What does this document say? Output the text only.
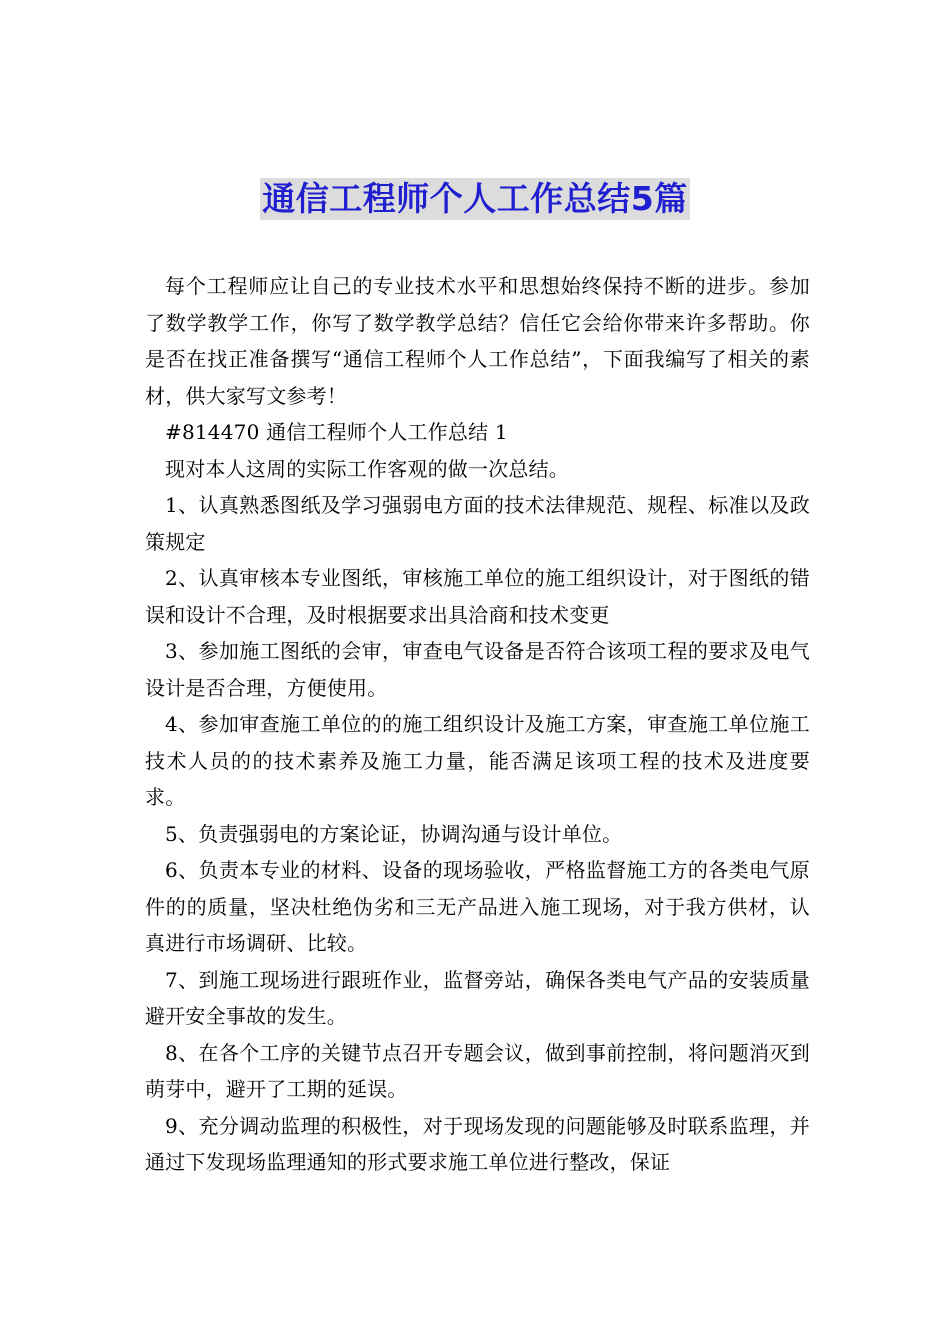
通信工程师个人工作总结5篇

每个工程师应让自己的专业技术水平和思想始终保持不断的进步。参加了数学教学工作，你写了数学教学总结？信任它会给你带来许多帮助。你是否在找正准备撰写“通信工程师个人工作总结”，下面我编写了相关的素材，供大家写文参考！

#814470 通信工程师个人工作总结 1

现对本人这周的实际工作客观的做一次总结。

1、认真熟悉图纸及学习强弱电方面的技术法律规范、规程、标准以及政策规定

2、认真审核本专业图纸，审核施工单位的施工组织设计，对于图纸的错误和设计不合理，及时根据要求出具洽商和技术变更

3、参加施工图纸的会审，审查电气设备是否符合该项工程的要求及电气设计是否合理，方便使用。

4、参加审查施工单位的的施工组织设计及施工方案，审查施工单位施工技术人员的的技术素养及施工力量，能否满足该项工程的技术及进度要求。

5、负责强弱电的方案论证，协调沟通与设计单位。

6、负责本专业的材料、设备的现场验收，严格监督施工方的各类电气原件的的质量，坚决杜绝伪劣和三无产品进入施工现场，对于我方供材，认真进行市场调研、比较。

7、到施工现场进行跟班作业，监督旁站，确保各类电气产品的安装质量避开安全事故的发生。

8、在各个工序的关键节点召开专题会议，做到事前控制，将问题消灭到萌芽中，避开了工期的延误。

9、充分调动监理的积极性，对于现场发现的问题能够及时联系监理，并通过下发现场监理通知的形式要求施工单位进行整改，保证
